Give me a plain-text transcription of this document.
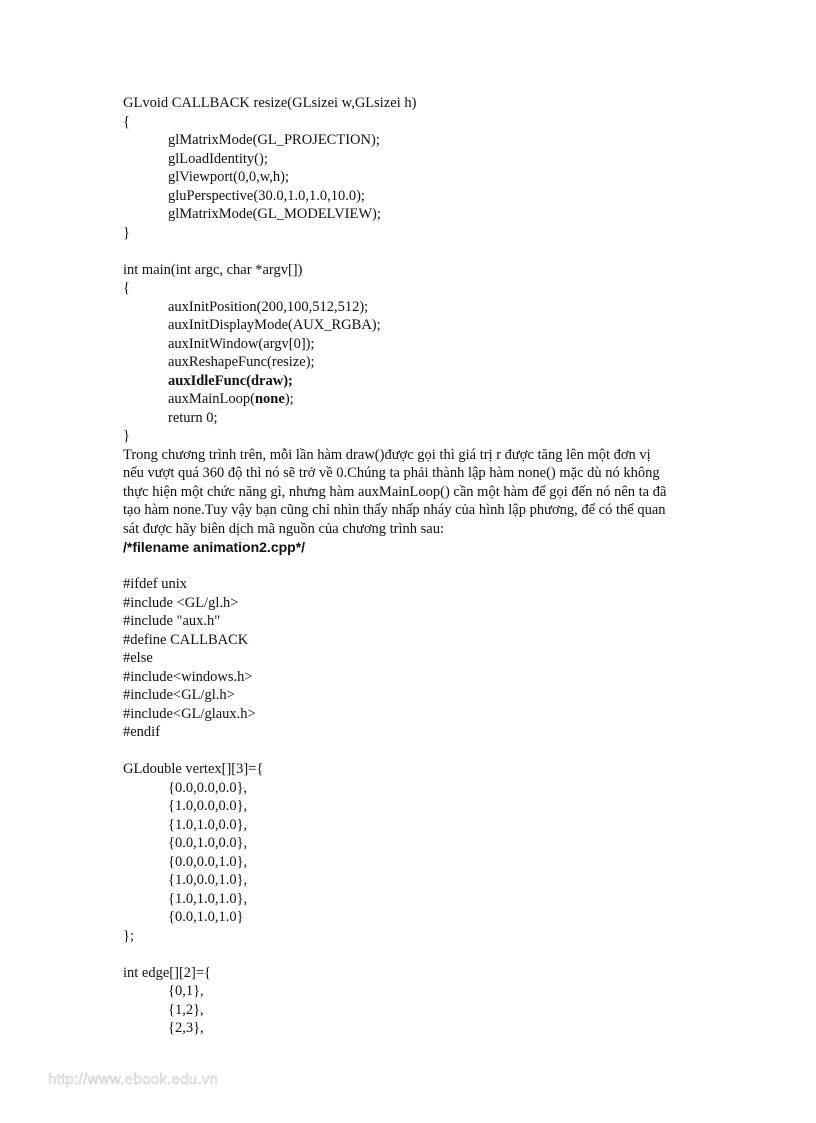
GLvoid CALLBACK resize(GLsizei w,GLsizei h)
{
glMatrixMode(GL_PROJECTION);
glLoadIdentity();
glViewport(0,0,w,h);
gluPerspective(30.0,1.0,1.0,10.0);
glMatrixMode(GL_MODELVIEW);
}
int main(int argc, char *argv[])
{
auxInitPosition(200,100,512,512);
auxInitDisplayMode(AUX_RGBA);
auxInitWindow(argv[0]);
auxReshapeFunc(resize);
auxIdleFunc(draw);
auxMainLoop(none);
return 0;
}
Trong chương trình trên, mỗi lần hàm draw()được gọi thì giá trị r được tăng lên một đơn vị
nếu vượt quá 360 độ thì nó sẽ trở về 0.Chúng ta phải thành lập hàm none() mặc dù nó không
thực hiện một chức năng gì, nhưng hàm auxMainLoop() cần một hàm để gọi đến nó nên ta đã
tạo hàm none.Tuy vậy bạn cũng chỉ nhìn thấy nhấp nháy của hình lập phương, để có thể quan
sát được hãy biên dịch mã nguồn của chương trình sau:
/*filename animation2.cpp*/
#ifdef unix
#include <GL/gl.h>
#include "aux.h"
#define CALLBACK
#else
#include<windows.h>
#include<GL/gl.h>
#include<GL/glaux.h>
#endif
GLdouble vertex[][3]={
{0.0,0.0,0.0},
{1.0,0.0,0.0},
{1.0,1.0,0.0},
{0.0,1.0,0.0},
{0.0,0.0,1.0},
{1.0,0.0,1.0},
{1.0,1.0,1.0},
{0.0,1.0,1.0}
};
int edge[][2]={
{0,1},
{1,2},
{2,3},
http://www.ebook.edu.vn
